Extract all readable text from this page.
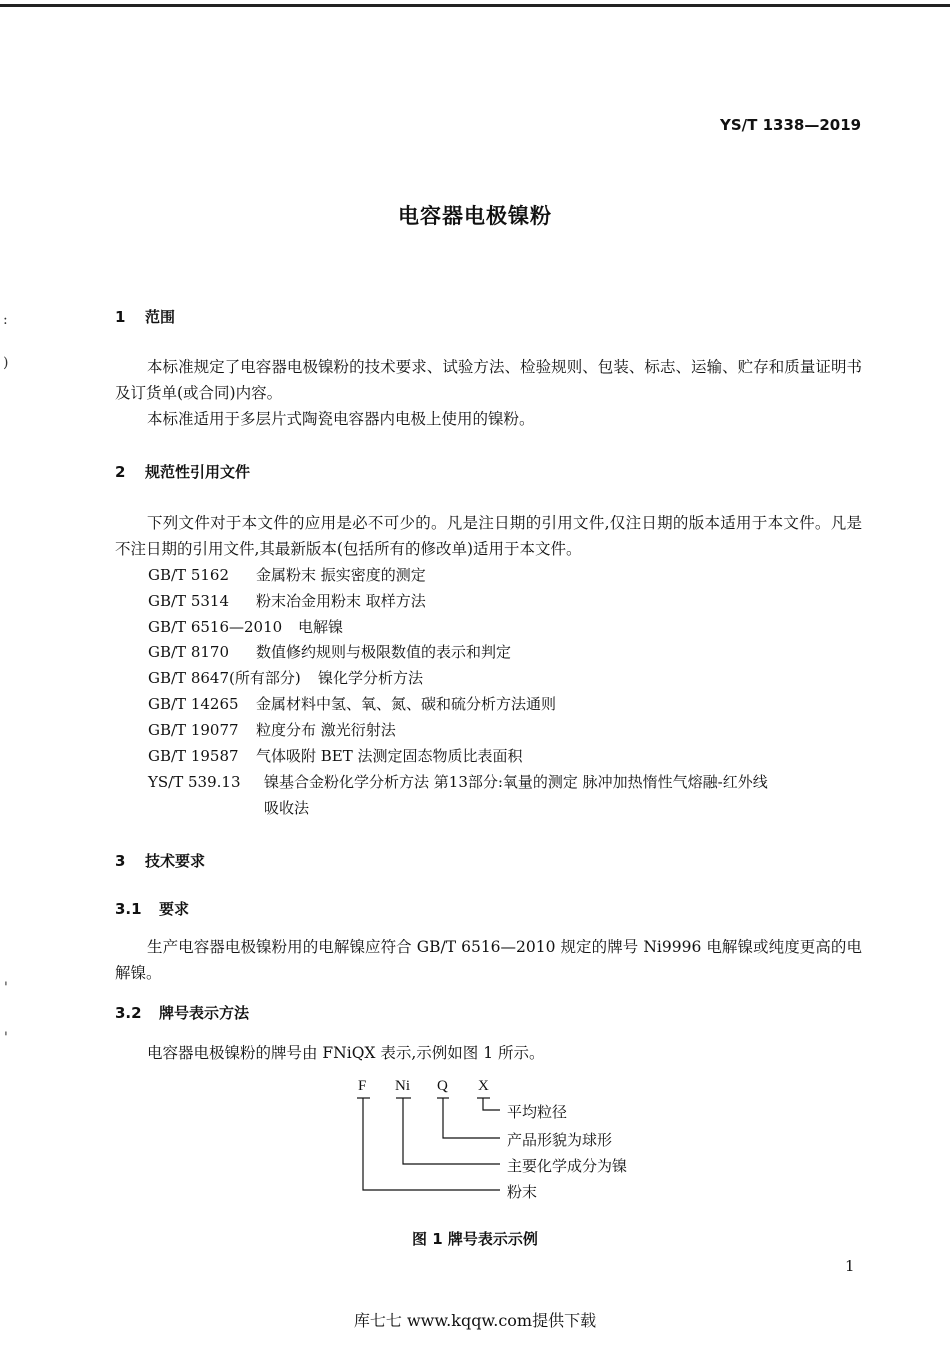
:
)
'
'
YS/T 1338—2019
电容器电极镍粉
1 范围
本标准规定了电容器电极镍粉的技术要求、试验方法、检验规则、包装、标志、运输、贮存和质量证明书及订货单(或合同)内容。
本标准适用于多层片式陶瓷电容器内电极上使用的镍粉。
2 规范性引用文件
下列文件对于本文件的应用是必不可少的。凡是注日期的引用文件,仅注日期的版本适用于本文件。凡是不注日期的引用文件,其最新版本(包括所有的修改单)适用于本文件。
GB/T 5162 金属粉末 振实密度的测定
GB/T 5314 粉末冶金用粉末 取样方法
GB/T 6516—2010 电解镍
GB/T 8170 数值修约规则与极限数值的表示和判定
GB/T 8647(所有部分) 镍化学分析方法
GB/T 14265 金属材料中氢、氧、氮、碳和硫分析方法通则
GB/T 19077 粒度分布 激光衍射法
GB/T 19587 气体吸附 BET 法测定固态物质比表面积
YS/T 539.13 镍基合金粉化学分析方法 第13部分:氧量的测定 脉冲加热惰性气熔融-红外线
吸收法
3 技术要求
3.1 要求
生产电容器电极镍粉用的电解镍应符合 GB/T 6516—2010 规定的牌号 Ni9996 电解镍或纯度更高的电解镍。
3.2 牌号表示方法
电容器电极镍粉的牌号由 FNiQX 表示,示例如图 1 所示。
F Ni Q X
平均粒径
产品形貌为球形
主要化学成分为镍
粉末
图 1 牌号表示示例
1
库七七 www.kqqw.com提供下载
